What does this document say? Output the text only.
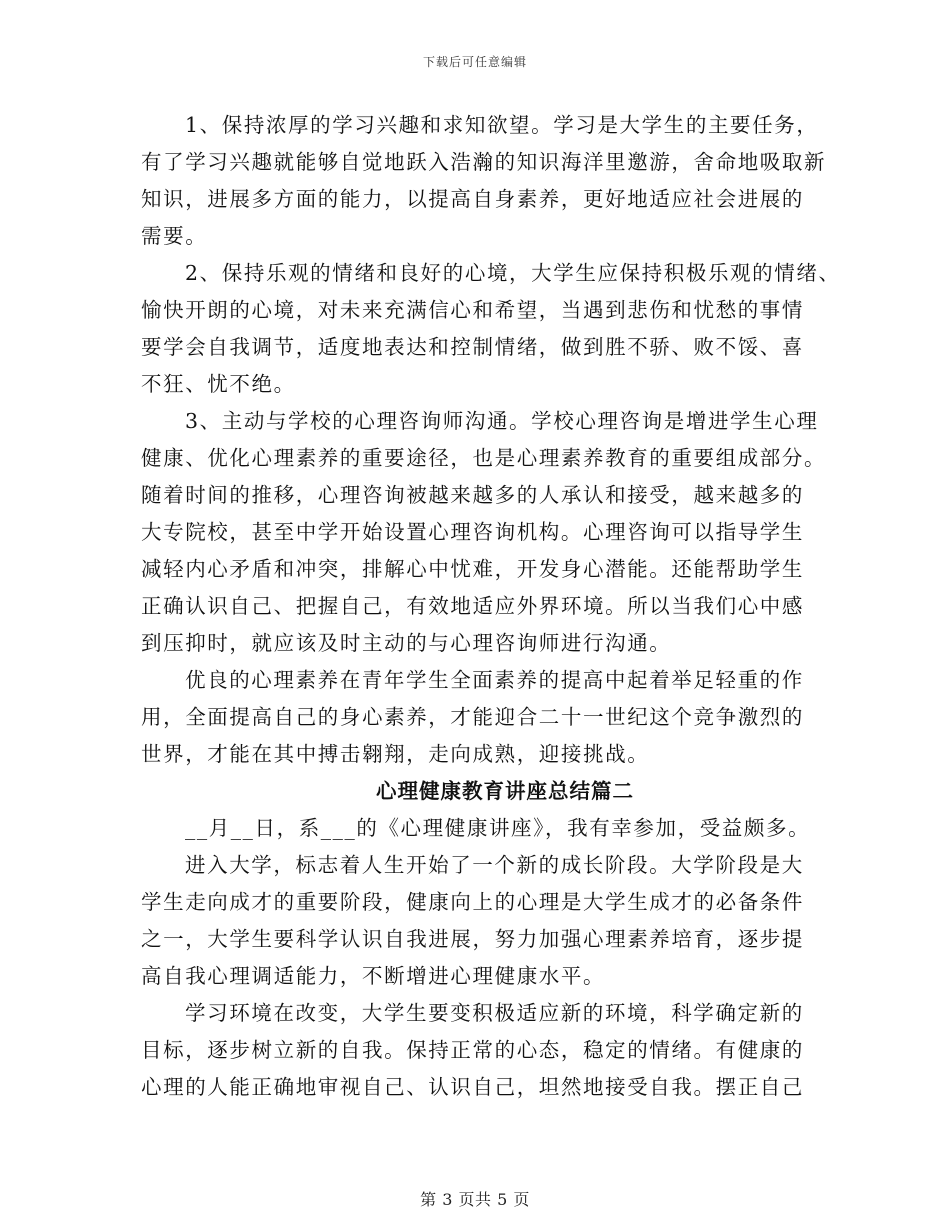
下载后可任意编辑
1、保持浓厚的学习兴趣和求知欲望。学习是大学生的主要任务，
有了学习兴趣就能够自觉地跃入浩瀚的知识海洋里邀游，舍命地吸取新
知识，进展多方面的能力，以提高自身素养，更好地适应社会进展的
需要。
2、保持乐观的情绪和良好的心境，大学生应保持积极乐观的情绪、
愉快开朗的心境，对未来充满信心和希望，当遇到悲伤和忧愁的事情
要学会自我调节，适度地表达和控制情绪，做到胜不骄、败不馁、喜
不狂、忧不绝。
3、主动与学校的心理咨询师沟通。学校心理咨询是增进学生心理
健康、优化心理素养的重要途径，也是心理素养教育的重要组成部分。
随着时间的推移，心理咨询被越来越多的人承认和接受，越来越多的
大专院校，甚至中学开始设置心理咨询机构。心理咨询可以指导学生
减轻内心矛盾和冲突，排解心中忧难，开发身心潜能。还能帮助学生
正确认识自己、把握自己，有效地适应外界环境。所以当我们心中感
到压抑时，就应该及时主动的与心理咨询师进行沟通。
优良的心理素养在青年学生全面素养的提高中起着举足轻重的作
用，全面提高自己的身心素养，才能迎合二十一世纪这个竞争激烈的
世界，才能在其中搏击翱翔，走向成熟，迎接挑战。
心理健康教育讲座总结篇二
__月__日，系___的《心理健康讲座》，我有幸参加，受益颇多。
进入大学，标志着人生开始了一个新的成长阶段。大学阶段是大
学生走向成才的重要阶段，健康向上的心理是大学生成才的必备条件
之一，大学生要科学认识自我进展，努力加强心理素养培育，逐步提
高自我心理调适能力，不断增进心理健康水平。
学习环境在改变，大学生要变积极适应新的环境，科学确定新的
目标，逐步树立新的自我。保持正常的心态，稳定的情绪。有健康的
心理的人能正确地审视自己、认识自己，坦然地接受自我。摆正自己
第 3 页共 5 页
